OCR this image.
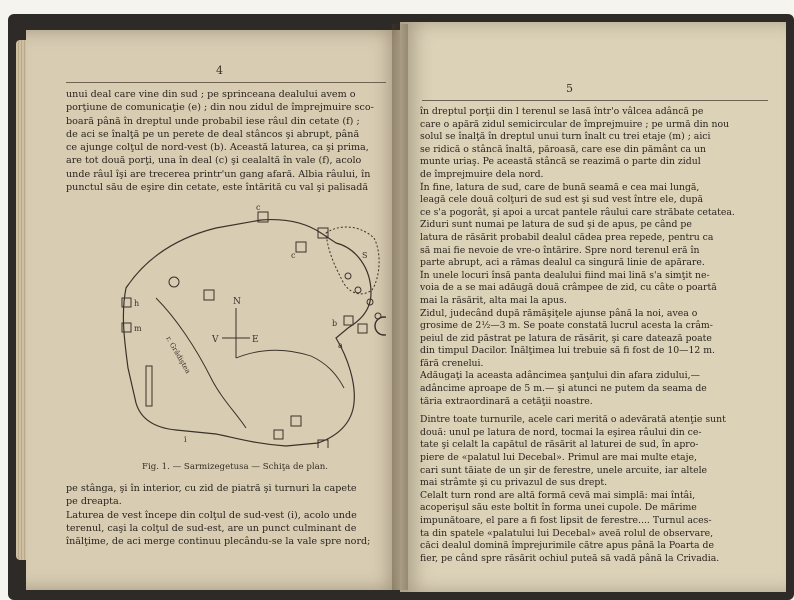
4
unui deal care vine din sud ; pe sprinceana dealului avem o
porţiune de comunicaţie (e) ; din nou zidul de împrejmuire sco-
boară până în dreptul unde probabil iese râul din cetate (f) ;
de aci se înalţă pe un perete de deal stâncos şi abrupt, până
ce ajunge colţul de nord-vest (b). Această laturea, ca şi prima,
are tot două porţi, una în deal (c) şi cealaltă în vale (f), acolo
unde râul îşi are trecerea printr'un gang afară. Albia râului, în
punctul său de eşire din cetate, este întărită cu val şi palisadă
N
V	E
r. Grădiştea
c
c	S
b
a
h
m
i
Fig. 1. — Sarmizegetusa — Schiţa de plan.
pe stânga, şi în interior, cu zid de piatră şi turnuri la capete
pe dreapta.
Laturea de vest începe din colţul de sud-vest (i), acolo unde
terenul, caşi la colţul de sud-est, are un punct culminant de
înălţime, de aci merge continuu plecându-se la vale spre nord;
5
în dreptul porţii din l terenul se lasă într'o vâlcea adâncă pe
care o apără zidul semicircular de împrejmuire ; pe urmă din nou
solul se înalţă în dreptul unui turn înalt cu trei etaje (m) ; aici
se ridică o stâncă înaltă, păroasă, care ese din pământ ca un
munte uriaş. Pe această stâncă se reazimă o parte din zidul
de împrejmuire dela nord.
În fine, latura de sud, care de bună seamă e cea mai lungă,
leagă cele două colţuri de sud est şi sud vest între ele, după
ce s'a pogorât, şi apoi a urcat pantele râului care străbate cetatea.
Ziduri sunt numai pe latura de sud şi de apus, pe când pe
latura de răsărit probabil dealul cădea prea repede, pentru ca
să mai fie nevoie de vre-o întărire. Spre nord terenul eră în
parte abrupt, aci a rămas dealul ca singură linie de apărare.
În unele locuri însă panta dealului fiind mai lină s'a simţit ne-
voia de a se mai adăugă două crâmpee de zid, cu câte o poartă
mai la răsărit, alta mai la apus.
Zidul, judecând după rămăşiţele ajunse până la noi, avea o
grosime de 2½—3 m. Se poate constată lucrul acesta la crâm-
peiul de zid păstrat pe latura de răsărit, şi care datează poate
din timpul Dacilor. Înălţimea lui trebuie să fi fost de 10—12 m.
fără crenelui.
Adăugaţi la aceasta adâncimea şanţului din afara zidului,—
adâncime aproape de 5 m.— şi atunci ne putem da seama de
tăria extraordinară a cetăţii noastre.
Dintre toate turnurile, acele cari merită o adevărată atenţie sunt
două: unul pe latura de nord, tocmai la eşirea râului din ce-
tate şi celalt la capătul de răsărit al laturei de sud, în apro-
piere de «palatul lui Decebal». Primul are mai multe etaje,
cari sunt tăiate de un şir de ferestre, unele arcuite, iar altele
mai strâmte şi cu privazul de sus drept.
Celalt turn rond are altă formă cevă mai simplă: mai întâi,
acoperişul său este boltit în forma unei cupole. De mărime
impunătoare, el pare a fi fost lipsit de ferestre.... Turnul aces-
ta din spatele «palatului lui Decebal» aveă rolul de observare,
căci dealul domină împrejurimile către apus până la Poarta de
fier, pe când spre răsărit ochiul puteă să vadă până la Crivadia.
